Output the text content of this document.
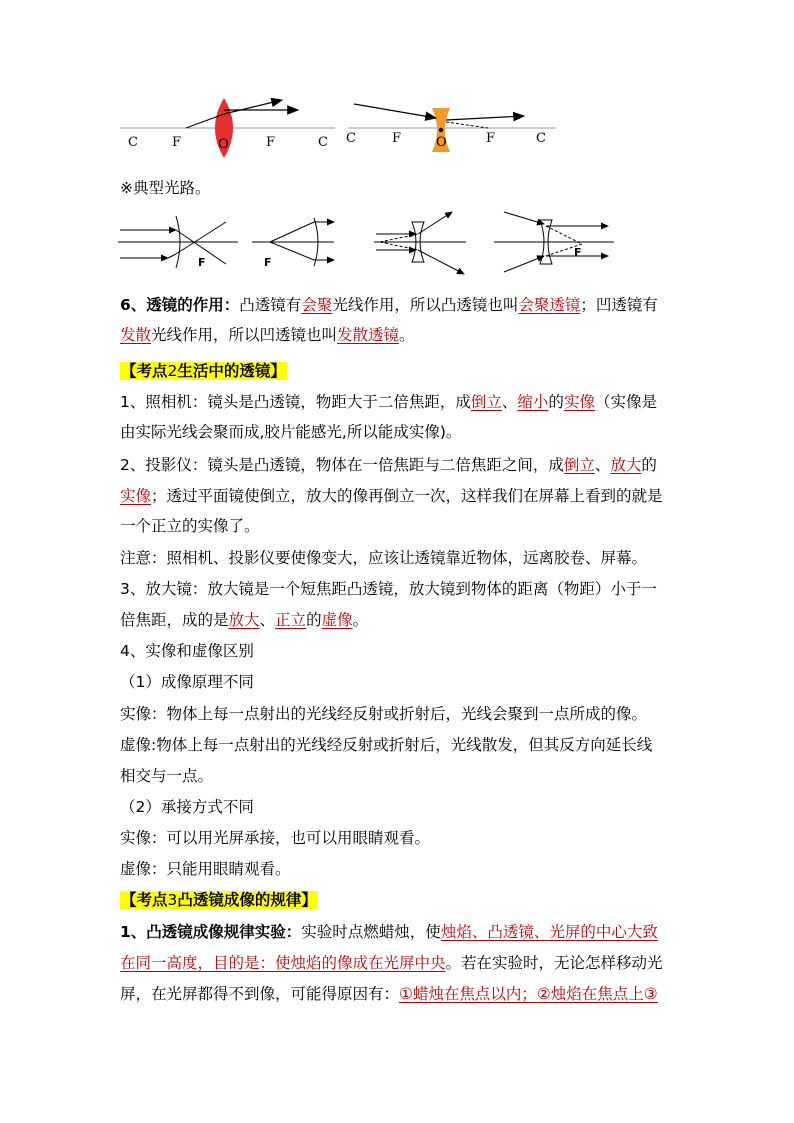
C	F	O	F	C C	F	O	F	C
※典型光路。
F	F
F
6、透镜的作用：凸透镜有会聚光线作用，所以凸透镜也叫会聚透镜；凹透镜有
发散光线作用，所以凹透镜也叫发散透镜。
【考点2生活中的透镜】
1、照相机：镜头是凸透镜，物距大于二倍焦距，成倒立、缩小的实像（实像是
由实际光线会聚而成,胶片能感光,所以能成实像)。
2、投影仪：镜头是凸透镜，物体在一倍焦距与二倍焦距之间，成倒立、放大的
实像；透过平面镜使倒立，放大的像再倒立一次，这样我们在屏幕上看到的就是
一个正立的实像了。
注意：照相机、投影仪要使像变大，应该让透镜靠近物体，远离胶卷、屏幕。
3、放大镜：放大镜是一个短焦距凸透镜，放大镜到物体的距离（物距）小于一
倍焦距，成的是放大、正立的虚像。
4、实像和虚像区别
（1）成像原理不同
实像：物体上每一点射出的光线经反射或折射后，光线会聚到一点所成的像。
虚像:物体上每一点射出的光线经反射或折射后，光线散发，但其反方向延长线
相交与一点。
（2）承接方式不同
实像：可以用光屏承接，也可以用眼睛观看。
虚像：只能用眼睛观看。
【考点3凸透镜成像的规律】
1、凸透镜成像规律实验：实验时点燃蜡烛，使烛焰、凸透镜、光屏的中心大致
在同一高度，目的是：使烛焰的像成在光屏中央。若在实验时，无论怎样移动光
屏，在光屏都得不到像，可能得原因有：①蜡烛在焦点以内；②烛焰在焦点上③
